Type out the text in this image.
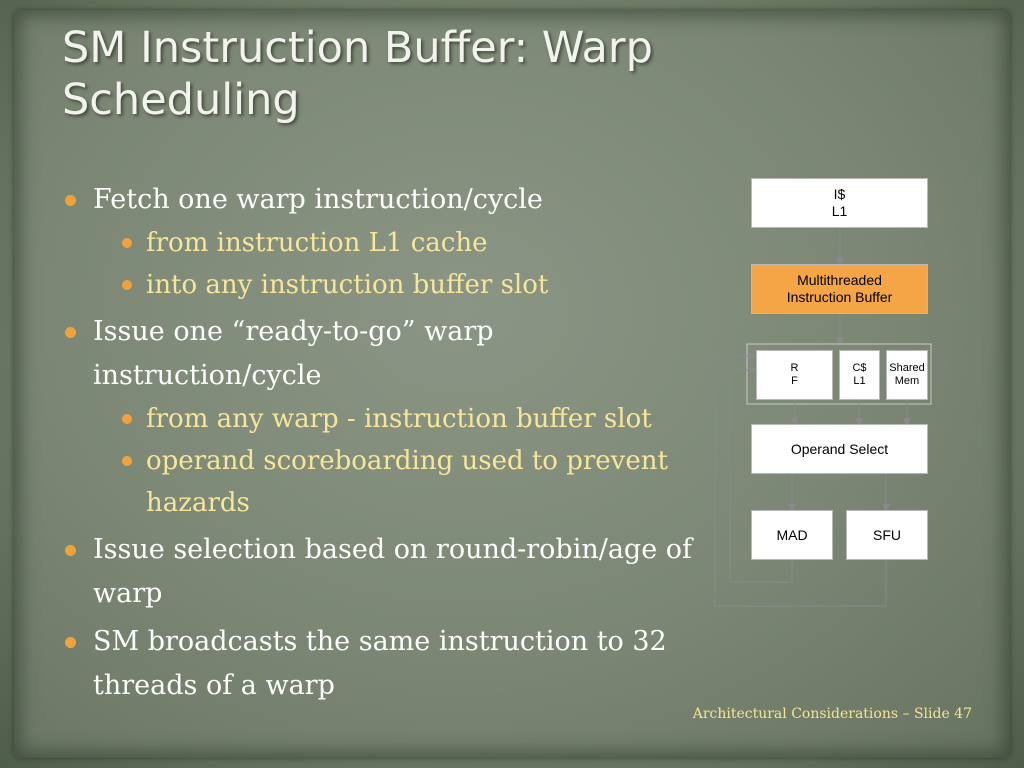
SM Instruction Buffer: Warp Scheduling
Fetch one warp instruction/cycle
from instruction L1 cache
into any instruction buffer slot
Issue one “ready-to-go” warp instruction/cycle
from any warp - instruction buffer slot
operand scoreboarding used to prevent hazards
Issue selection based on round-robin/age of warp
SM broadcasts the same instruction to 32 threads of a warp
I$
L1
Multithreaded
Instruction Buffer
R
F
C$
L1
Shared
Mem
Operand Select
MAD	SFU
Architectural Considerations – Slide 47
